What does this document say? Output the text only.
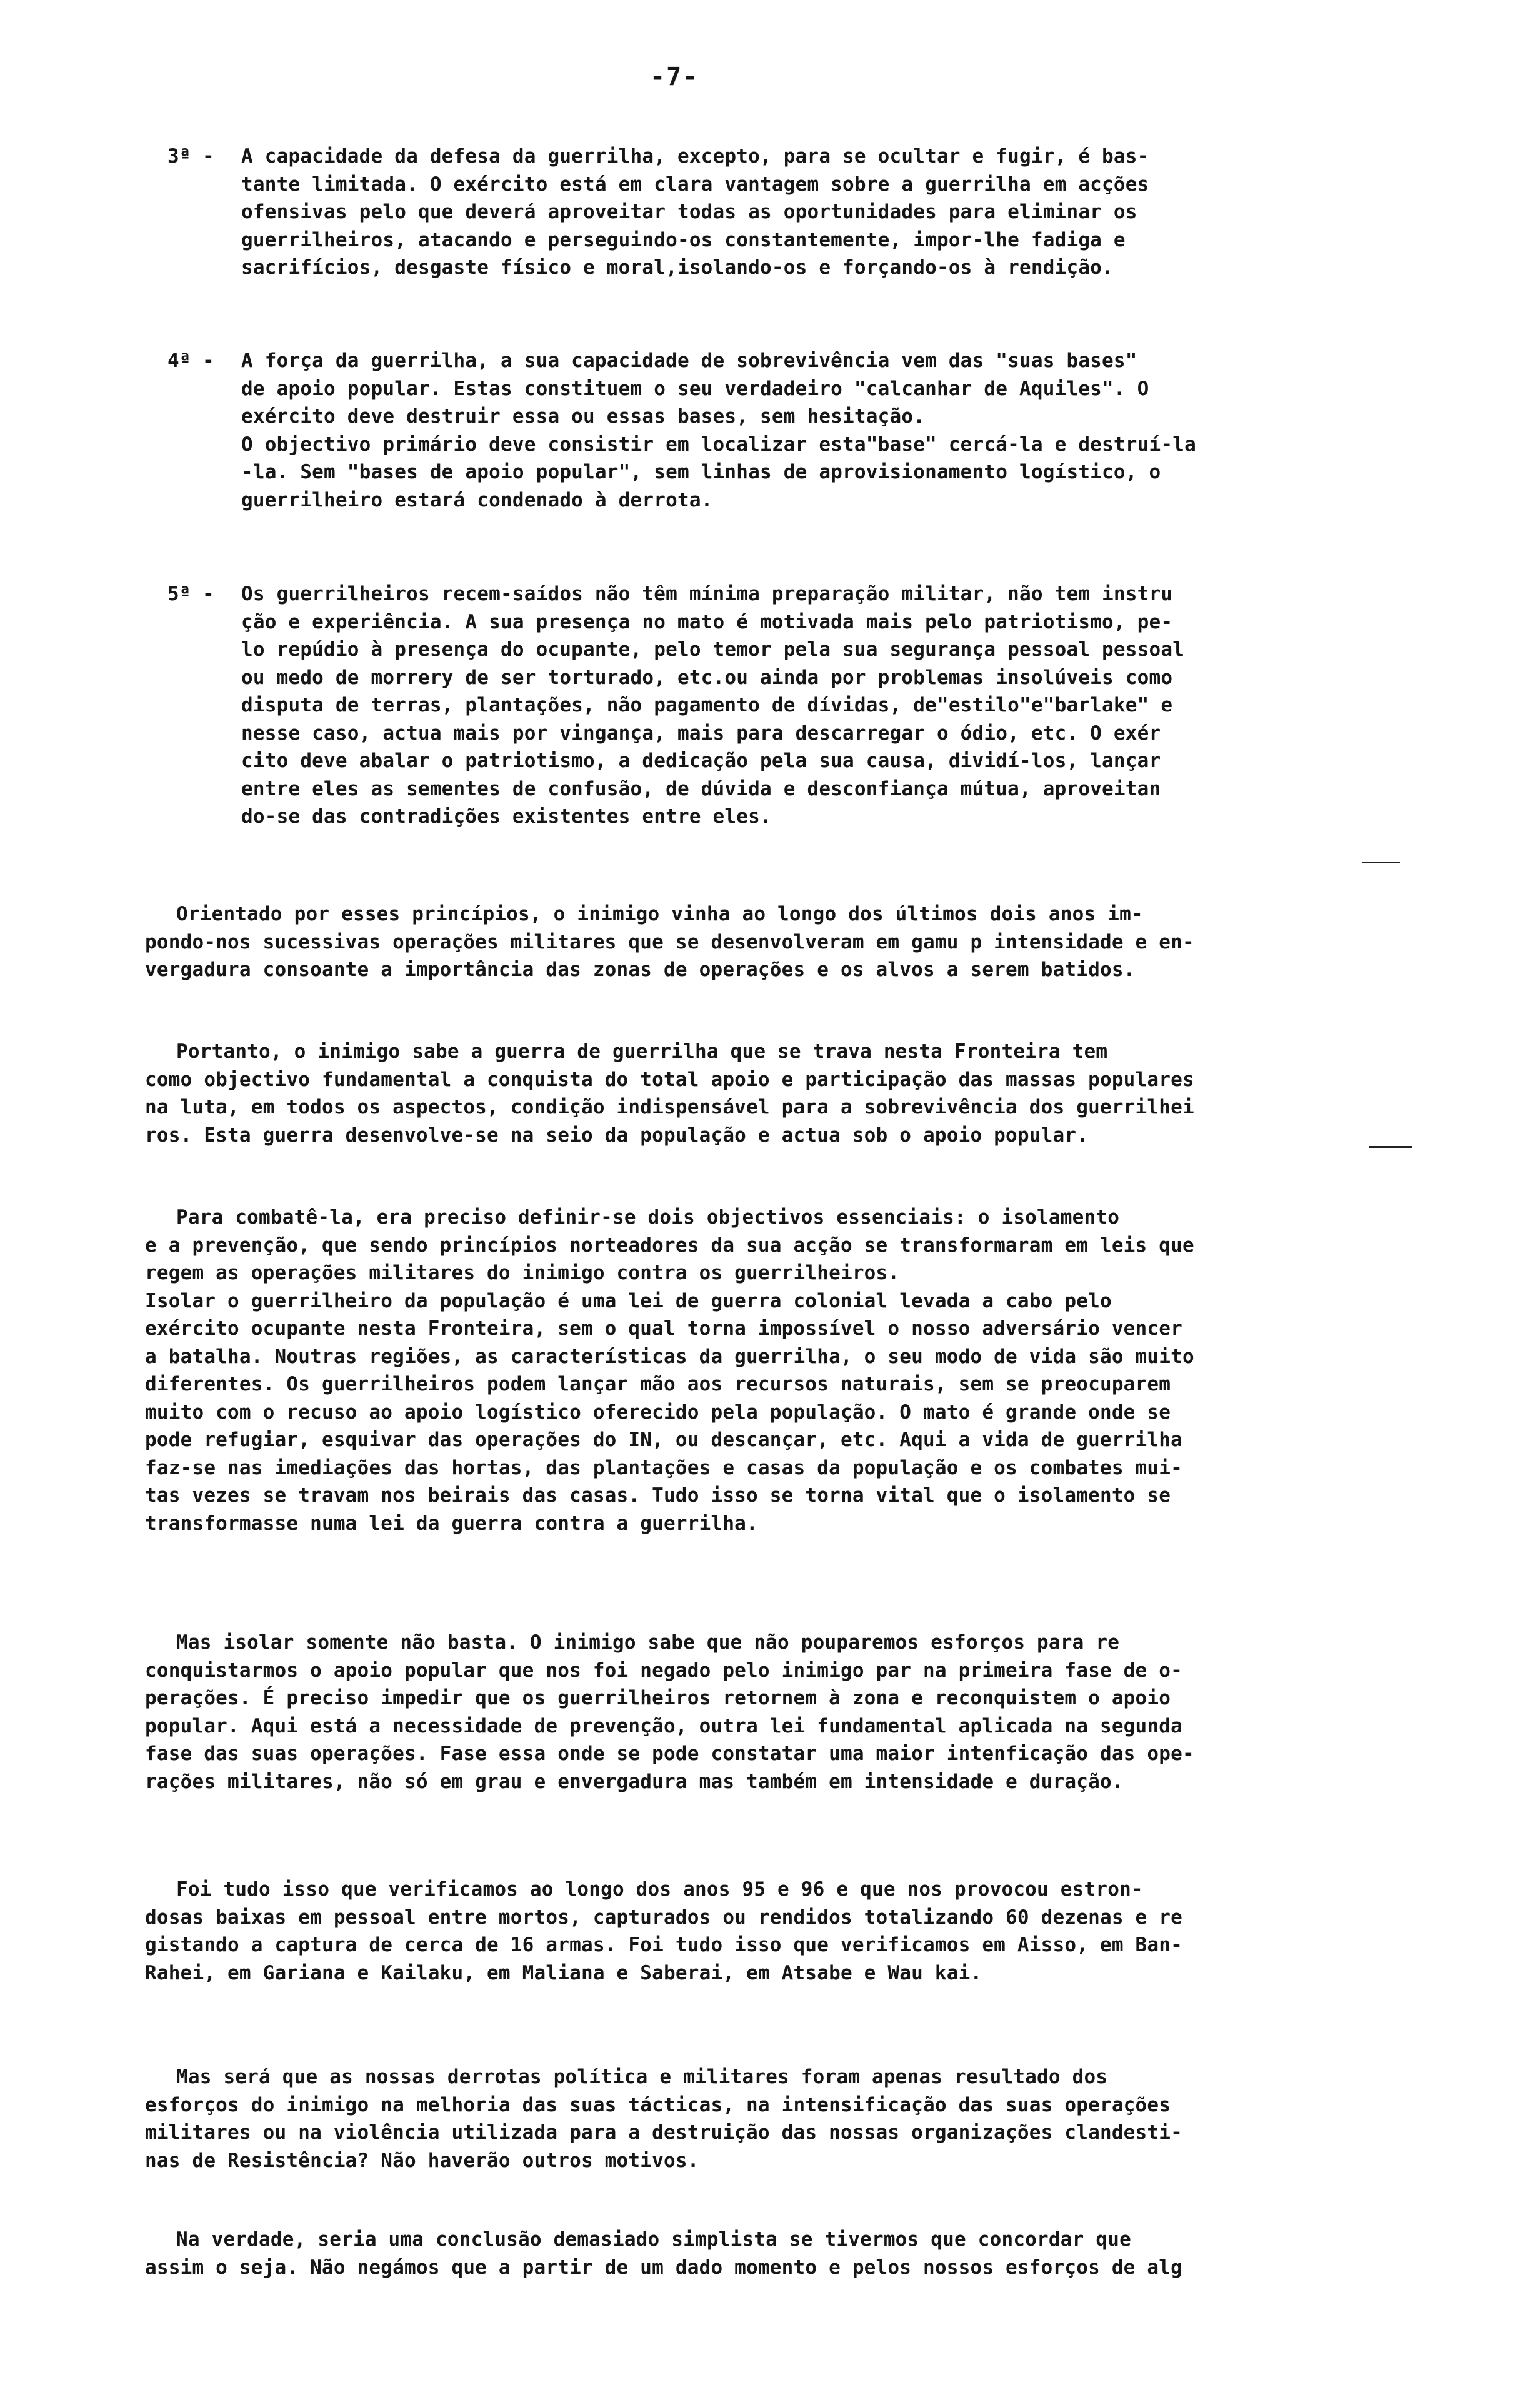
-7-
3ª -	A capacidade da defesa da guerrilha, excepto, para se ocultar e fugir, é bas-
tante limitada. O exército está em clara vantagem sobre a guerrilha em acções
ofensivas pelo que deverá aproveitar todas as oportunidades para eliminar os
guerrilheiros, atacando e perseguindo-os constantemente, impor-lhe fadiga e
sacrifícios, desgaste físico e moral,isolando-os e forçando-os à rendição.
4ª -	A força da guerrilha, a sua capacidade de sobrevivência vem das "suas bases"
de apoio popular. Estas constituem o seu verdadeiro "calcanhar de Aquiles". O
exército deve destruir essa ou essas bases, sem hesitação.
O objectivo primário deve consistir em localizar esta"base" cercá-la e destruí-la
-la. Sem "bases de apoio popular", sem linhas de aprovisionamento logístico, o
guerrilheiro estará condenado à derrota.
5ª -	Os guerrilheiros recem-saídos não têm mínima preparação militar, não tem instru
ção e experiência. A sua presença no mato é motivada mais pelo patriotismo, pe-
lo repúdio à presença do ocupante, pelo temor pela sua segurança pessoal pessoal
ou medo de morrery de ser torturado, etc.ou ainda por problemas insolúveis como
disputa de terras, plantações, não pagamento de dívidas, de"estilo"e"barlake" e
nesse caso, actua mais por vingança, mais para descarregar o ódio, etc. O exér
cito deve abalar o patriotismo, a dedicação pela sua causa, dividí-los, lançar
entre eles as sementes de confusão, de dúvida e desconfiança mútua, aproveitan
do-se das contradições existentes entre eles.
Orientado por esses princípios, o inimigo vinha ao longo dos últimos dois anos im-
pondo-nos sucessivas operações militares que se desenvolveram em gamu p intensidade e en-
vergadura consoante a importância das zonas de operações e os alvos a serem batidos.
Portanto, o inimigo sabe a guerra de guerrilha que se trava nesta Fronteira tem
como objectivo fundamental a conquista do total apoio e participação das massas populares
na luta, em todos os aspectos, condição indispensável para a sobrevivência dos guerrilhei
ros. Esta guerra desenvolve-se na seio da população e actua sob o apoio popular.
Para combatê-la, era preciso definir-se dois objectivos essenciais: o isolamento
e a prevenção, que sendo princípios norteadores da sua acção se transformaram em leis que
regem as operações militares do inimigo contra os guerrilheiros.
Isolar o guerrilheiro da população é uma lei de guerra colonial levada a cabo pelo
exército ocupante nesta Fronteira, sem o qual torna impossível o nosso adversário vencer
a batalha. Noutras regiões, as características da guerrilha, o seu modo de vida são muito
diferentes. Os guerrilheiros podem lançar mão aos recursos naturais, sem se preocuparem
muito com o recuso ao apoio logístico oferecido pela população. O mato é grande onde se
pode refugiar, esquivar das operações do IN, ou descançar, etc. Aqui a vida de guerrilha
faz-se nas imediações das hortas, das plantações e casas da população e os combates mui-
tas vezes se travam nos beirais das casas. Tudo isso se torna vital que o isolamento se
transformasse numa lei da guerra contra a guerrilha.
Mas isolar somente não basta. O inimigo sabe que não pouparemos esforços para re
conquistarmos o apoio popular que nos foi negado pelo inimigo par na primeira fase de o-
perações. É preciso impedir que os guerrilheiros retornem à zona e reconquistem o apoio
popular. Aqui está a necessidade de prevenção, outra lei fundamental aplicada na segunda
fase das suas operações. Fase essa onde se pode constatar uma maior intenficação das ope-
rações militares, não só em grau e envergadura mas também em intensidade e duração.
Foi tudo isso que verificamos ao longo dos anos 95 e 96 e que nos provocou estron-
dosas baixas em pessoal entre mortos, capturados ou rendidos totalizando 60 dezenas e re
gistando a captura de cerca de 16 armas. Foi tudo isso que verificamos em Aisso, em Ban-
Rahei, em Gariana e Kailaku, em Maliana e Saberai, em Atsabe e Wau kai.
Mas será que as nossas derrotas política e militares foram apenas resultado dos
esforços do inimigo na melhoria das suas tácticas, na intensificação das suas operações
militares ou na violência utilizada para a destruição das nossas organizações clandesti-
nas de Resistência? Não haverão outros motivos.
Na verdade, seria uma conclusão demasiado simplista se tivermos que concordar que
assim o seja. Não negámos que a partir de um dado momento e pelos nossos esforços de alg
